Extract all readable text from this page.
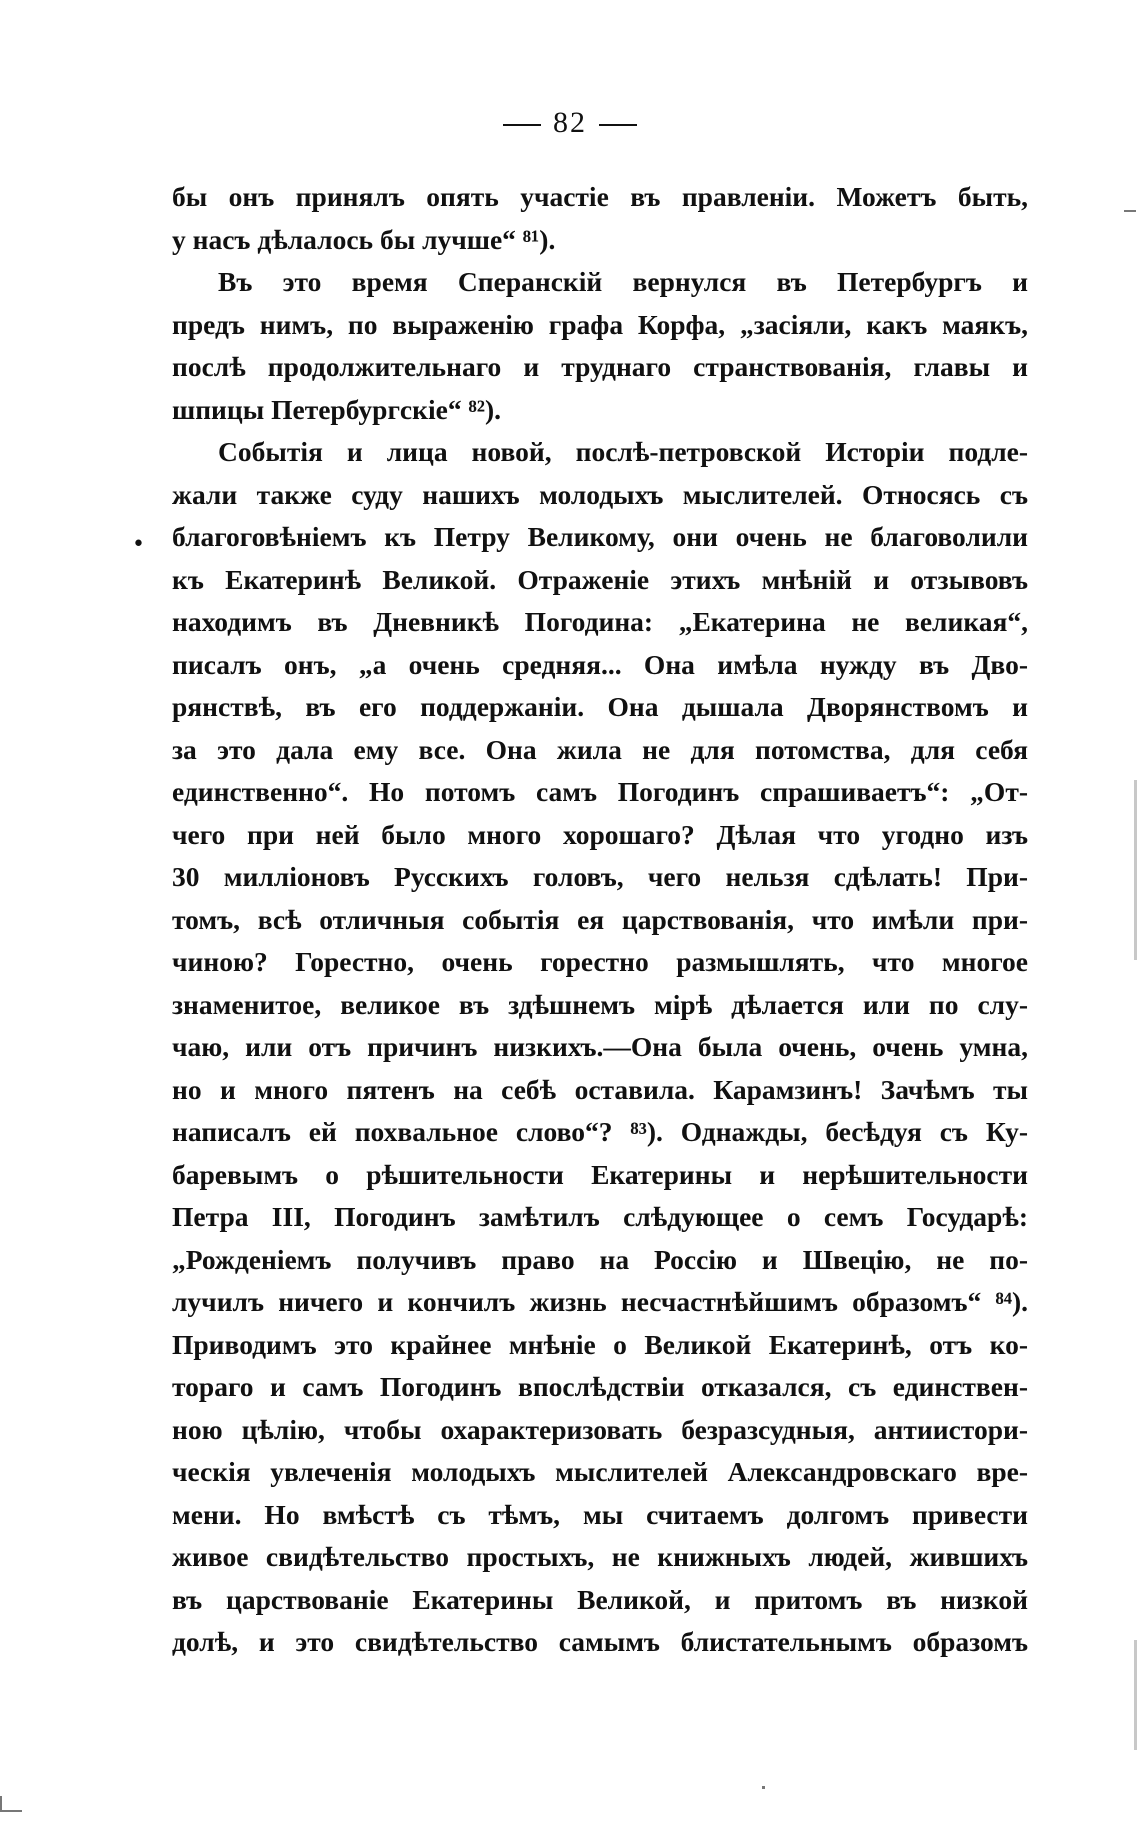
82
бы онъ принялъ опять участіе въ правленіи. Можетъ быть,
у насъ дѣлалось бы лучше“ ⁸¹).
Въ это время Сперанскій вернулся въ Петербургъ и
предъ нимъ, по выраженію графа Корфа, „засіяли, какъ маякъ,
послѣ продолжительнаго и труднаго странствованія, главы и
шпицы Петербургскіе“ ⁸²).
Событія и лица новой, послѣ-петровской Исторіи подле-
жали также суду нашихъ молодыхъ мыслителей. Относясь съ
благоговѣніемъ къ Петру Великому, они очень не благоволили
къ Екатеринѣ Великой. Отраженіе этихъ мнѣній и отзывовъ
находимъ въ Дневникѣ Погодина: „Екатерина не великая“,
писалъ онъ, „а очень средняя... Она имѣла нужду въ Дво-
рянствѣ, въ его поддержаніи. Она дышала Дворянствомъ и
за это дала ему все. Она жила не для потомства, для себя
единственно“. Но потомъ самъ Погодинъ спрашиваетъ“: „От-
чего при ней было много хорошаго? Дѣлая что угодно изъ
30 милліоновъ Русскихъ головъ, чего нельзя сдѣлать! При-
томъ, всѣ отличныя событія ея царствованія, что имѣли при-
чиною? Горестно, очень горестно размышлять, что многое
знаменитое, великое въ здѣшнемъ мірѣ дѣлается или по слу-
чаю, или отъ причинъ низкихъ.—Она была очень, очень умна,
но и много пятенъ на себѣ оставила. Карамзинъ! Зачѣмъ ты
написалъ ей похвальное слово“? ⁸³). Однажды, бесѣдуя съ Ку-
баревымъ о рѣшительности Екатерины и нерѣшительности
Петра III, Погодинъ замѣтилъ слѣдующее о семъ Государѣ:
„Рожденіемъ получивъ право на Россію и Швецію, не по-
лучилъ ничего и кончилъ жизнь несчастнѣйшимъ образомъ“ ⁸⁴).
Приводимъ это крайнее мнѣніе о Великой Екатеринѣ, отъ ко-
тораго и самъ Погодинъ впослѣдствіи отказался, съ единствен-
ною цѣлію, чтобы охарактеризовать безразсудныя, антиистори-
ческія увлеченія молодыхъ мыслителей Александровскаго вре-
мени. Но вмѣстѣ съ тѣмъ, мы считаемъ долгомъ привести
живое свидѣтельство простыхъ, не книжныхъ людей, жившихъ
въ царствованіе Екатерины Великой, и притомъ въ низкой
долѣ, и это свидѣтельство самымъ блистательнымъ образомъ
•
